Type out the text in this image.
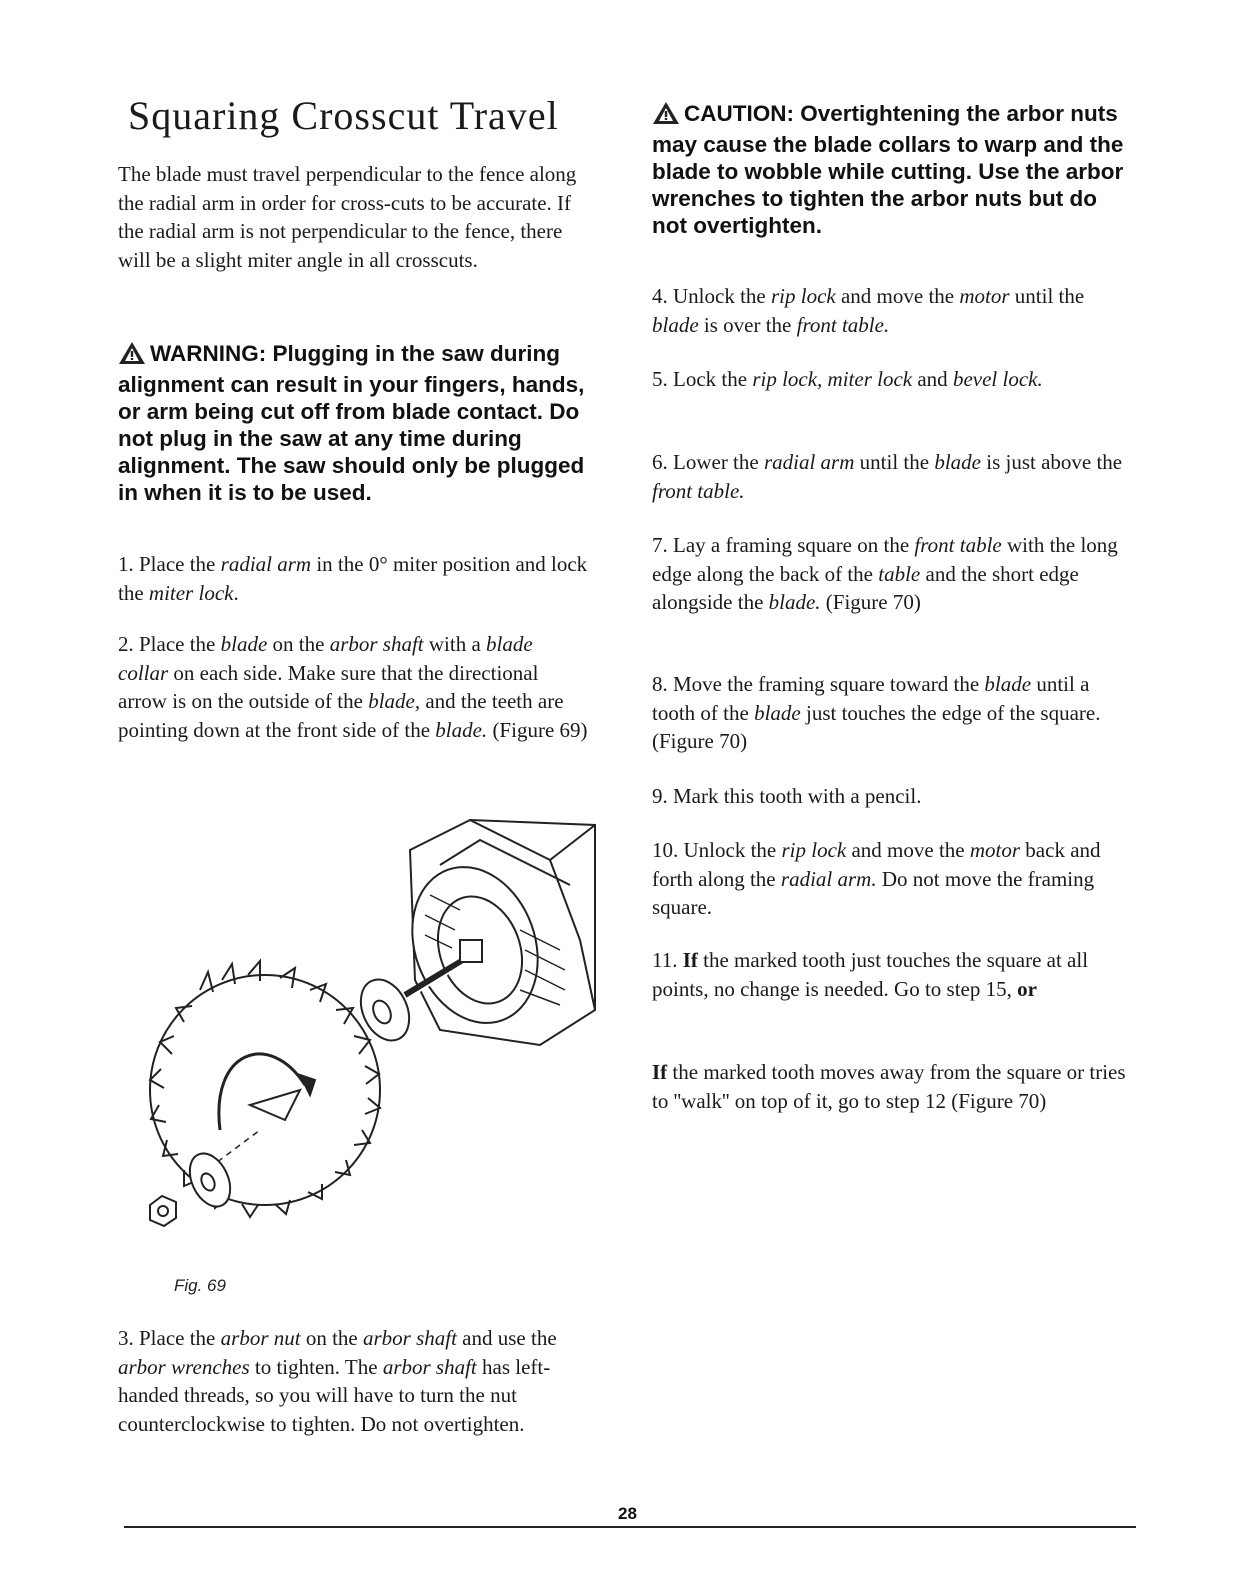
Squaring Crosscut Travel

The blade must travel perpendicular to the fence along the radial arm in order for cross-cuts to be accurate. If the radial arm is not perpendicular to the fence, there will be a slight miter angle in all crosscuts.

WARNING: Plugging in the saw during alignment can result in your fingers, hands, or arm being cut off from blade contact. Do not plug in the saw at any time during alignment. The saw should only be plugged in when it is to be used.

1. Place the radial arm in the 0° miter position and lock the miter lock.

2. Place the blade on the arbor shaft with a blade collar on each side. Make sure that the directional arrow is on the outside of the blade, and the teeth are pointing down at the front side of the blade. (Figure 69)

Fig. 69

3. Place the arbor nut on the arbor shaft and use the arbor wrenches to tighten. The arbor shaft has left-handed threads, so you will have to turn the nut counterclockwise to tighten. Do not overtighten.

CAUTION: Overtightening the arbor nuts may cause the blade collars to warp and the blade to wobble while cutting. Use the arbor wrenches to tighten the arbor nuts but do not overtighten.

4. Unlock the rip lock and move the motor until the blade is over the front table.

5. Lock the rip lock, miter lock and bevel lock.

6. Lower the radial arm until the blade is just above the front table.

7. Lay a framing square on the front table with the long edge along the back of the table and the short edge alongside the blade. (Figure 70)

8. Move the framing square toward the blade until a tooth of the blade just touches the edge of the square. (Figure 70)

9. Mark this tooth with a pencil.

10. Unlock the rip lock and move the motor back and forth along the radial arm. Do not move the framing square.

11. If the marked tooth just touches the square at all points, no change is needed. Go to step 15, or

If the marked tooth moves away from the square or tries to ''walk'' on top of it, go to step 12 (Figure 70)

28
